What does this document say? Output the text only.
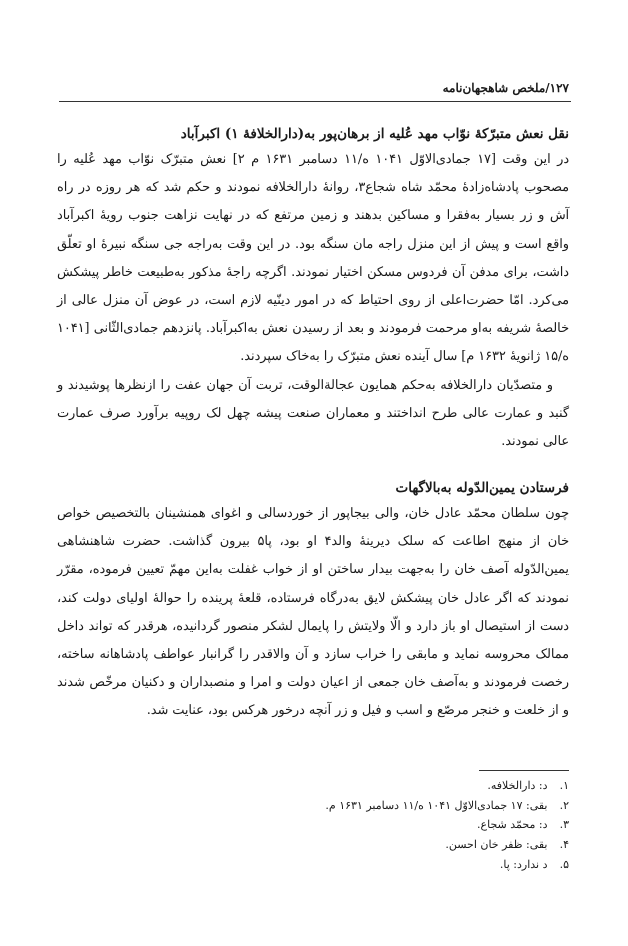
۱۲۷/ملخص شاهجهان‌نامه
نقل نعش متبرّکهٔ نوّاب مهد عُلیه از برهان‌پور به(دارالخلافهٔ ۱) اکبرآباد

در این وقت [۱۷ جمادی‌الاوّل ۱۰۴۱ ه/۱۱ دسامبر ۱۶۳۱ م ۲] نعش متبرّک نوّاب مهد عُلیه را مصحوب پادشاه‌زادهٔ محمّد شاه شجاع۳، روانهٔ دارالخلافه نمودند و حکم شد که هر روزه در راه آش و زر بسیار به‌فقرا و مساکین بدهند و زمین مرتفع که در نهایت نزاهت جنوب رویهٔ اکبرآباد واقع است و پیش از این منزل راجه مان سنگه بود. در این وقت به‌راجه جی سنگه نبیرهٔ او تعلّق داشت، برای مدفن آن فردوس مسکن اختیار نمودند. اگرچه راجهٔ مذکور به‌طبیعت خاطر پیشکش می‌کرد. امّا حضرت‌اعلی از روی احتیاط که در امور دینّیه لازم است، در عوض آن منزل عالی از خالصهٔ شریفه به‌او مرحمت فرمودند و بعد از رسیدن نعش به‌اکبرآباد. پانزدهم جمادی‌الثّانی [۱۰۴۱ ه/۱۵ ژانویهٔ ۱۶۳۲ م] سال آینده نعش متبرّک را به‌خاک سپردند.

و متصدّیان دارالخلافه به‌حکم همایون عجالةالوقت، تربت آن جهان عفت را ازنظرها پوشیدند و گنبد و عمارت عالی طرح انداختند و معماران صنعت پیشه چهل لک روپیه برآورد صرف عمارت عالی نمودند.

فرستادن یمین‌الدّوله به‌بالاگهات

چون سلطان محمّد عادل خان، والی بیجاپور از خوردسالی و اغوای همنشینان بالتخصیص خواص خان از منهج اطاعت که سلک دیرینهٔ والد۴ او بود، پا۵ بیرون گذاشت. حضرت شاهنشاهی یمین‌الدّوله آصف خان را به‌جهت بیدار ساختن او از خواب غفلت به‌این مهمّ تعیین فرموده، مقرّر نمودند که اگر عادل خان پیشکش لایق به‌درگاه فرستاده، قلعهٔ پرینده را حوالهٔ اولیای دولت کند، دست از استیصال او باز دارد و الّا ولایتش را پایمال لشکر منصور گردانیده، هرقدر که تواند داخل ممالک محروسه نماید و مابقی را خراب سازد و آن والاقدر را گرانبار عواطف پادشاهانه ساخته، رخصت فرمودند و به‌آصف خان جمعی از اعیان دولت و امرا و منصبداران و دکنیان مرخّص شدند و از خلعت و خنجر مرصّع و اسب و فیل و زر آنچه درخور هرکس بود، عنایت شد.

۱. د: دارالخلافه.
۲. بقی: ۱۷ جمادی‌الاوّل ۱۰۴۱ ه/۱۱ دسامبر ۱۶۳۱ م.
۳. د: محمّد شجاع.
۴. بقی: ظفر خان احسن.
۵. د ندارد: پا.
